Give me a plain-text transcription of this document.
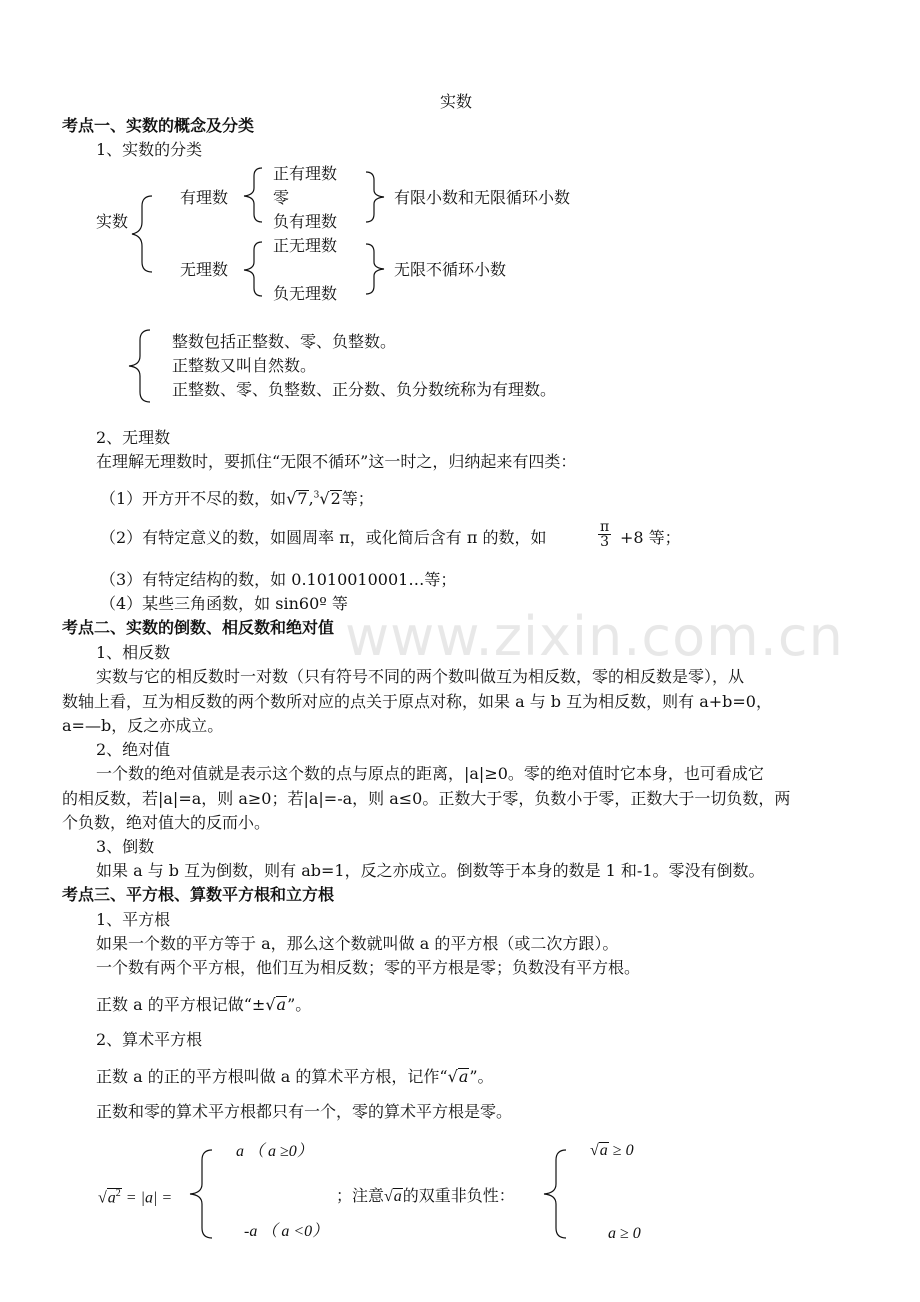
www.zixin.com.cn
实数
考点一、实数的概念及分类
1、实数的分类
实数
有理数
正有理数
零
负有理数
有限小数和无限循环小数
无理数
正无理数
负无理数
无限不循环小数
整数包括正整数、零、负整数。
正整数又叫自然数。
正整数、零、负整数、正分数、负分数统称为有理数。
2、无理数
在理解无理数时，要抓住“无限不循环”这一时之，归纳起来有四类：
（1）开方开不尽的数，如√7,$^3$√2等；
（2）有特定意义的数，如圆周率 π，或化简后含有 π 的数，如	$\frac{\pi}{3} +8$ 等；
（3）有特定结构的数，如 0.1010010001…等；
（4）某些三角函数，如 sin60º 等
考点二、实数的倒数、相反数和绝对值
1、相反数
实数与它的相反数时一对数（只有符号不同的两个数叫做互为相反数，零的相反数是零），从
数轴上看，互为相反数的两个数所对应的点关于原点对称，如果 a 与 b 互为相反数，则有 a+b=0，
a=—b，反之亦成立。
2、绝对值
一个数的绝对值就是表示这个数的点与原点的距离，|a|≥0。零的绝对值时它本身，也可看成它
的相反数，若|a|=a，则 a≥0；若|a|=-a，则 a≤0。正数大于零，负数小于零，正数大于一切负数，两
个负数，绝对值大的反而小。
3、倒数
如果 a 与 b 互为倒数，则有 ab=1，反之亦成立。倒数等于本身的数是 1 和-1。零没有倒数。
考点三、平方根、算数平方根和立方根
1、平方根
如果一个数的平方等于 a，那么这个数就叫做 a 的平方根（或二次方跟）。
一个数有两个平方根，他们互为相反数；零的平方根是零；负数没有平方根。
正数 a 的平方根记做“±√a”。
2、算术平方根
正数 a 的正的平方根叫做 a 的算术平方根，记作“√a”。
正数和零的算术平方根都只有一个，零的算术平方根是零。
$√a^2 = |a|$ =
a （ a ≥0）
-a （ a <0）
；注意√a的双重非负性：
√a ≥ 0
a ≥ 0
